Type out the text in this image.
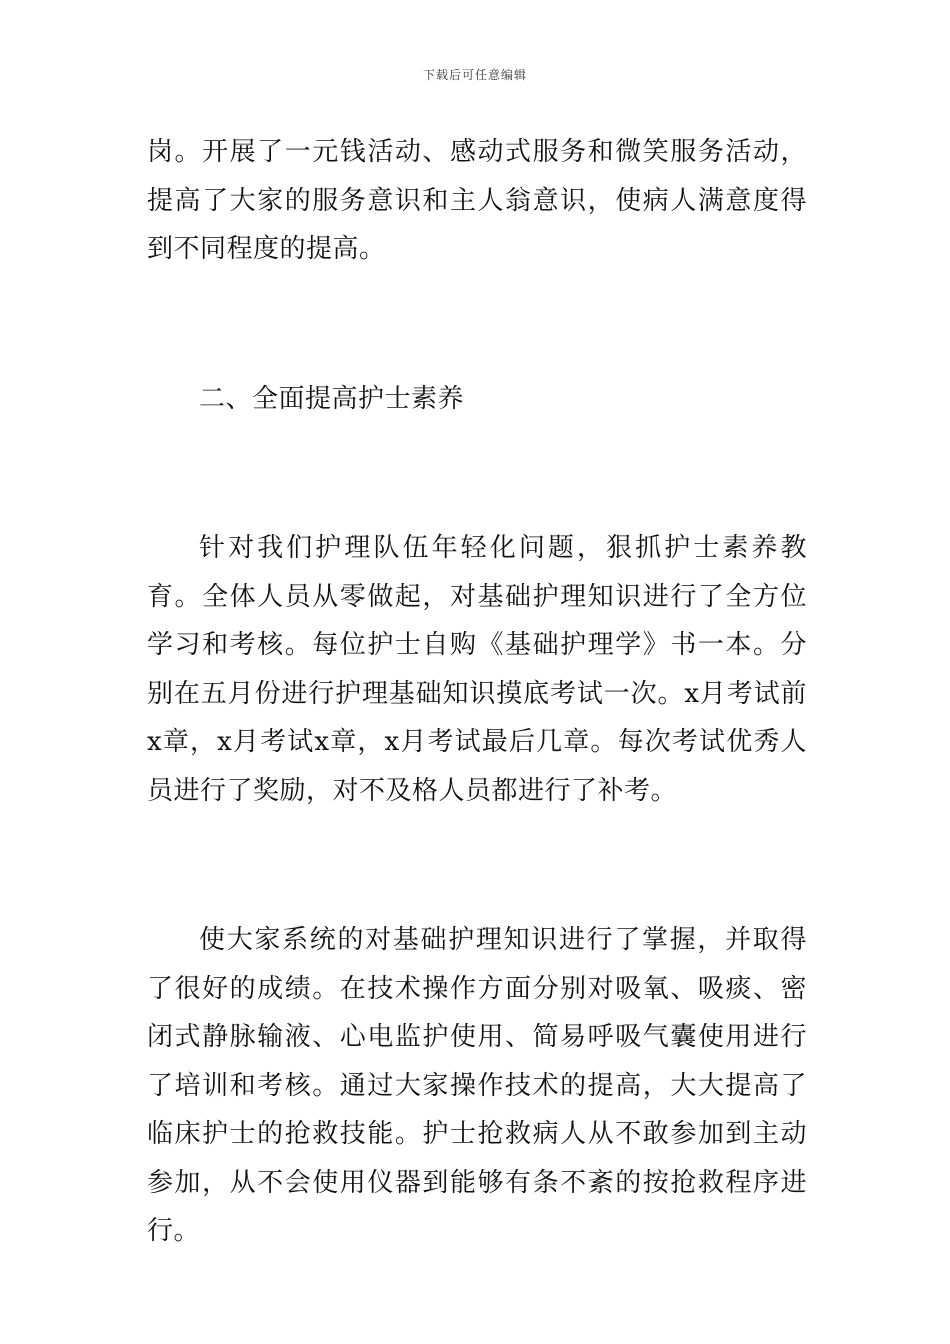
下载后可任意编辑

岗。开展了一元钱活动、感动式服务和微笑服务活动，提高了大家的服务意识和主人翁意识，使病人满意度得到不同程度的提高。

二、全面提高护士素养

针对我们护理队伍年轻化问题，狠抓护士素养教育。全体人员从零做起，对基础护理知识进行了全方位学习和考核。每位护士自购《基础护理学》书一本。分别在五月份进行护理基础知识摸底考试一次。x月考试前x章，x月考试x章，x月考试最后几章。每次考试优秀人员进行了奖励，对不及格人员都进行了补考。

使大家系统的对基础护理知识进行了掌握，并取得了很好的成绩。在技术操作方面分别对吸氧、吸痰、密闭式静脉输液、心电监护使用、简易呼吸气囊使用进行了培训和考核。通过大家操作技术的提高，大大提高了临床护士的抢救技能。护士抢救病人从不敢参加到主动参加，从不会使用仪器到能够有条不紊的按抢救程序进行。
